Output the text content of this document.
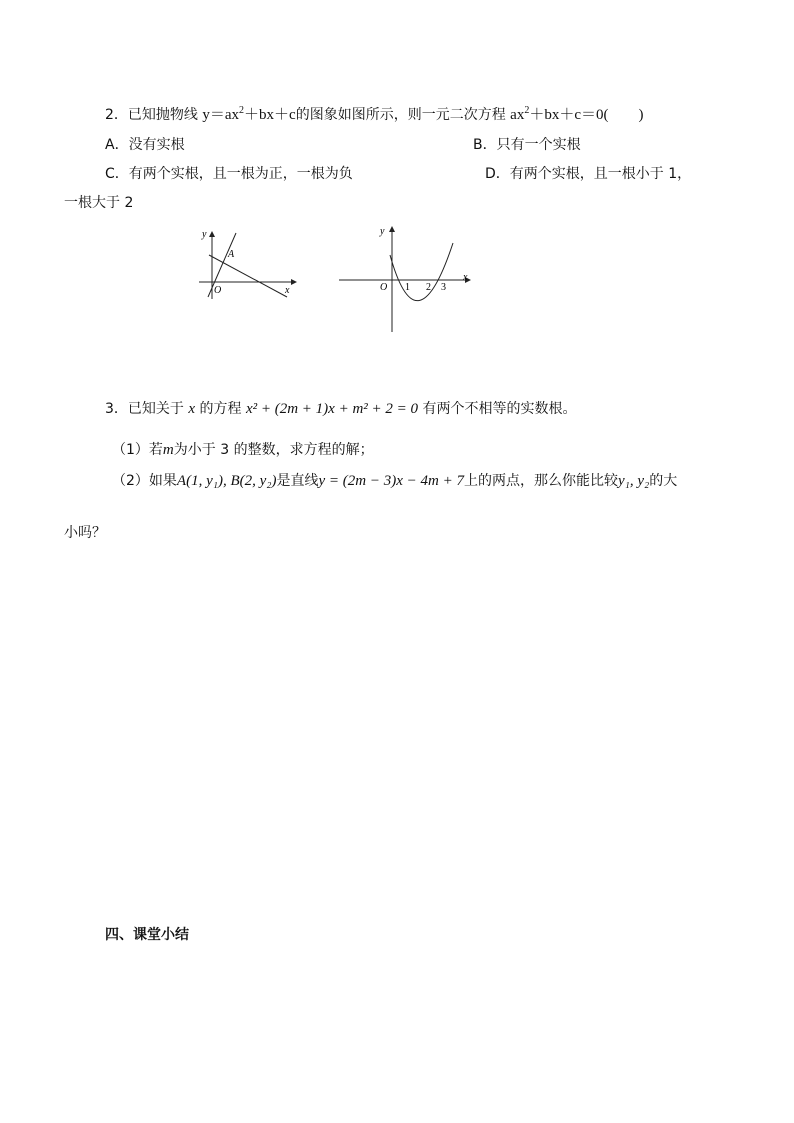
2．已知抛物线 $y=ax^2+bx+c$的图象如图所示，则一元二次方程 $ax^2+bx+c=0$(　　)
A．没有实根	B．只有一个实根
C．有两个实根，且一根为正，一根为负	D．有两个实根，且一根小于 1，
一根大于 2
y
x
O
A
y
x
O 1 2 3
3．已知关于 x 的方程 x² + (2m + 1)x + m² + 2 = 0 有两个不相等的实数根。
（1）若m为小于 3 的整数，求方程的解；
（2）如果A(1, y₁), B(2, y₂)是直线y = (2m − 3)x − 4m + 7上的两点，那么你能比较y₁, y₂的大
小吗？
四、课堂小结
